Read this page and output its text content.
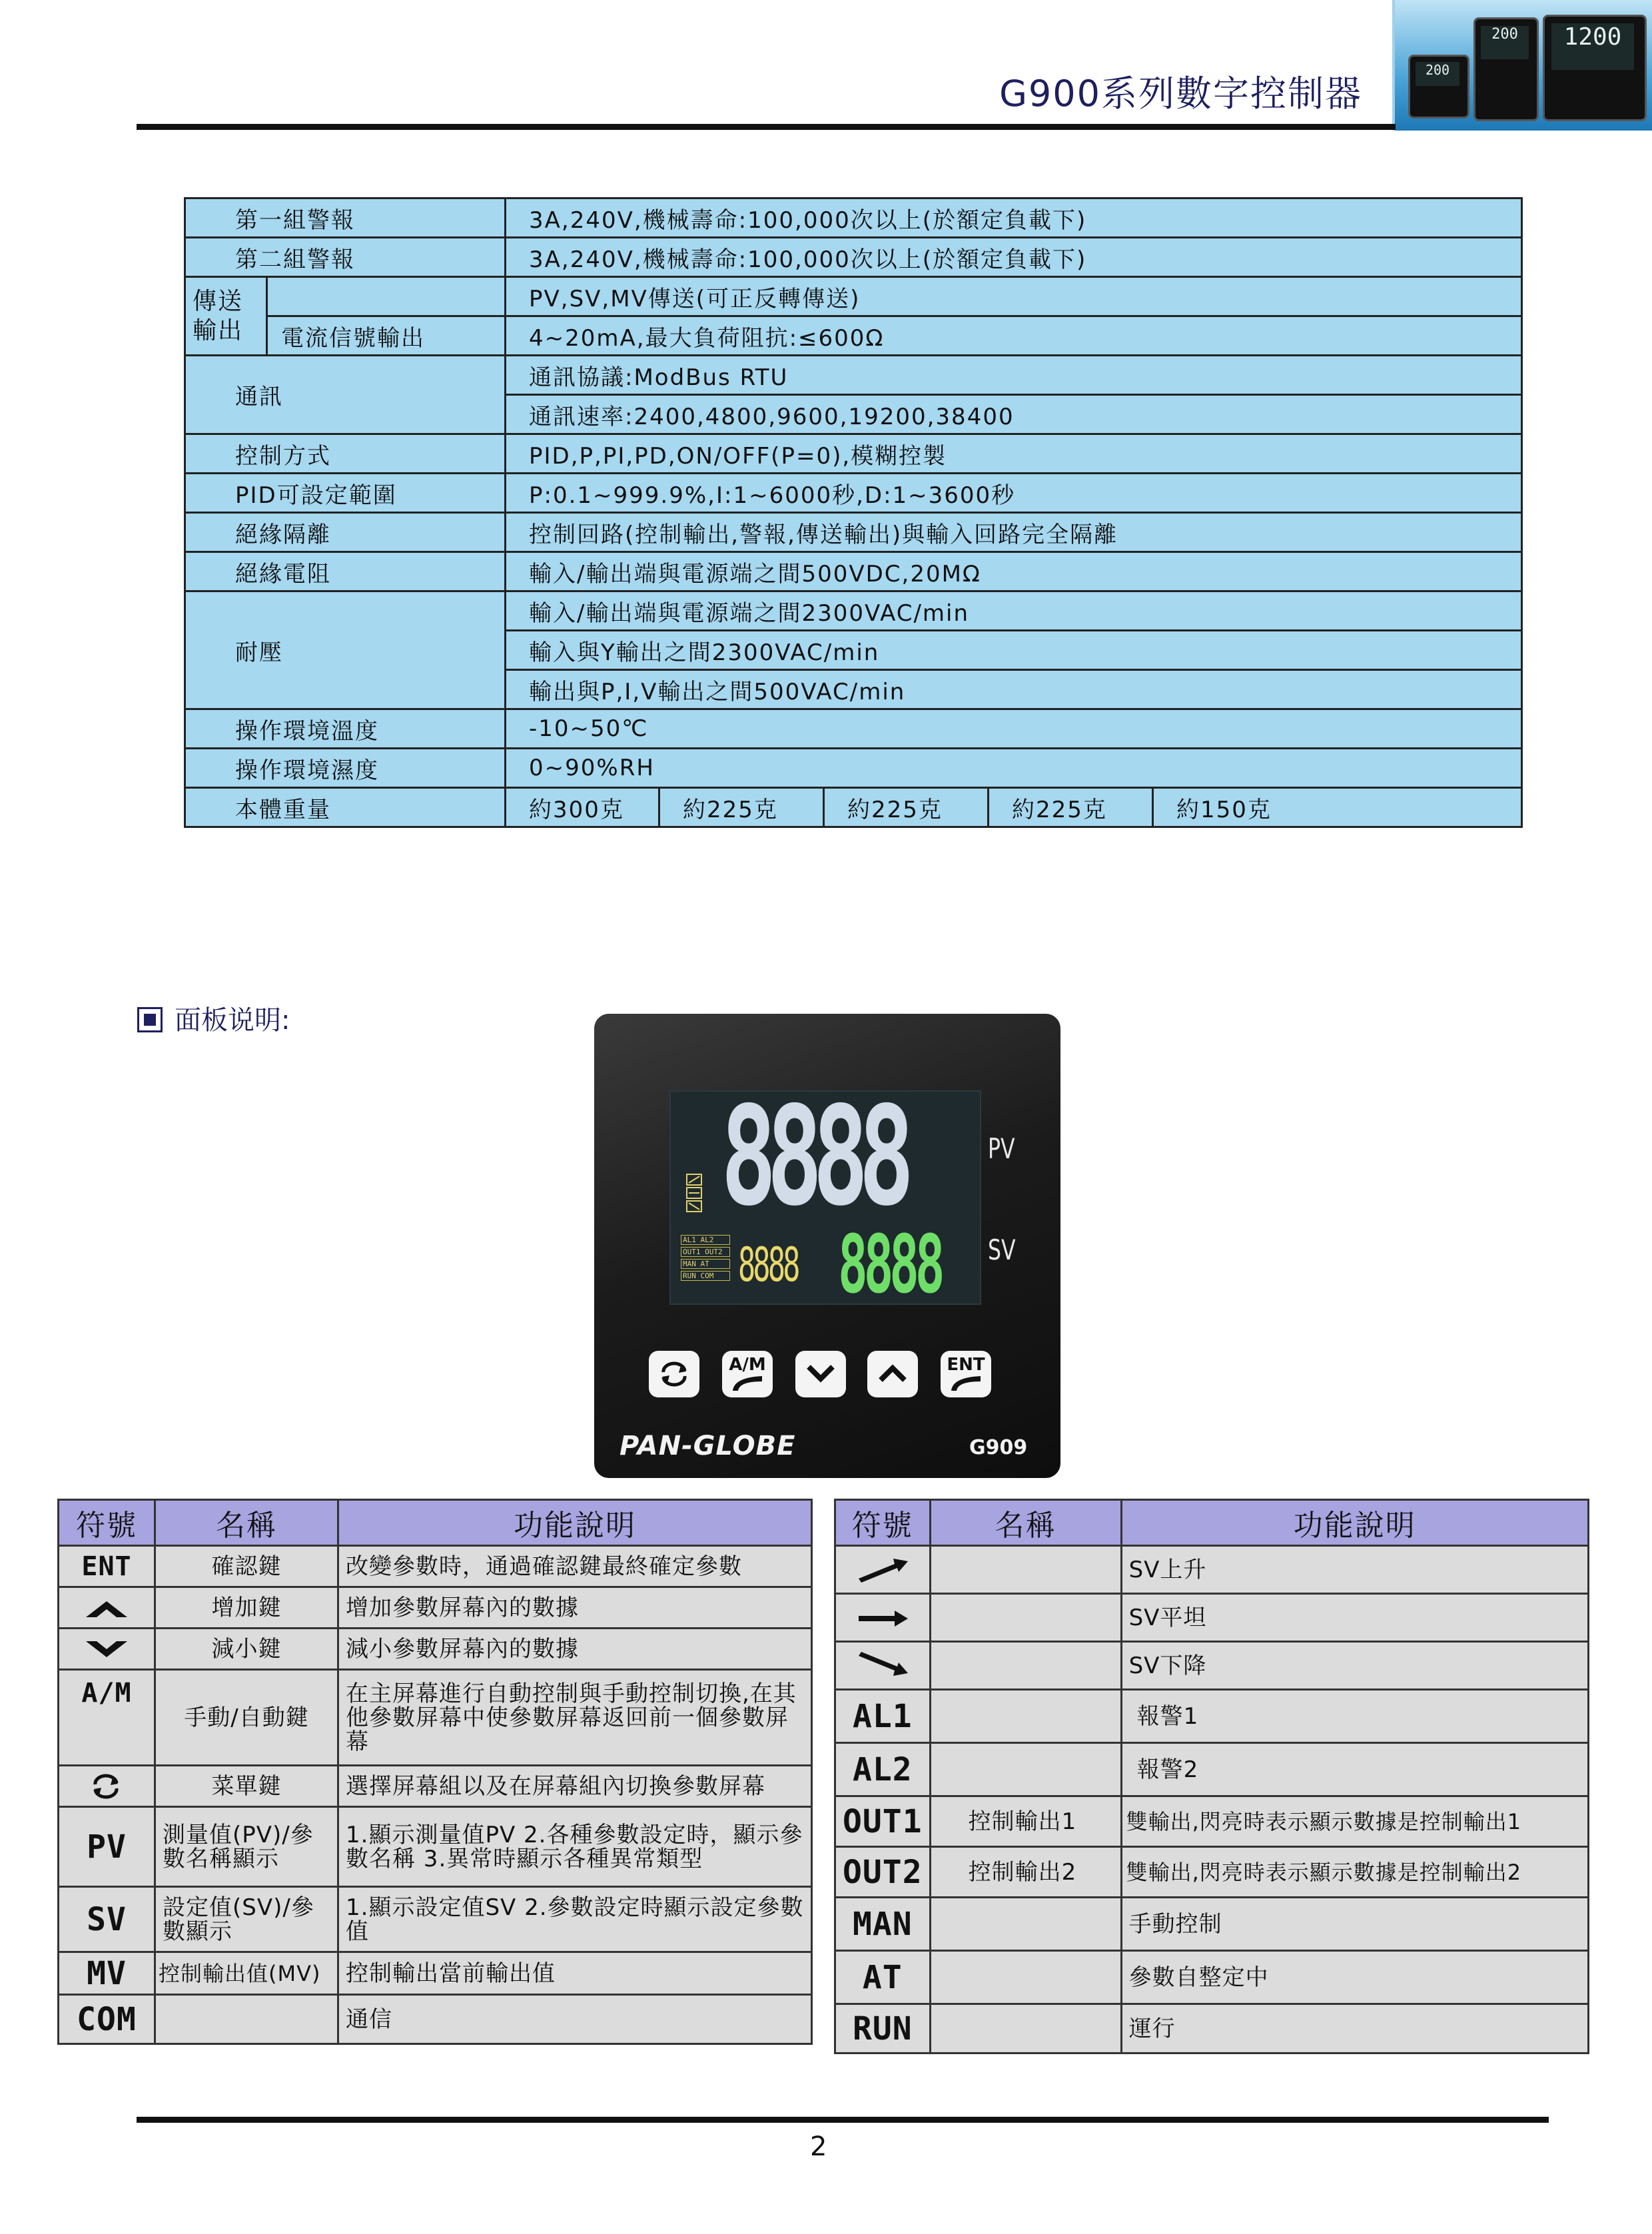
G900系列數字控制器
200
200	1200
第一組警報		3A,240V,機械壽命:100,000次以上(於額定負載下)				
第二組警報		3A,240V,機械壽命:100,000次以上(於額定負載下)				
傳送輸出		PV,SV,MV傳送(可正反轉傳送)				
	電流信號輸出	4~20mA,最大負荷阻抗:≤600Ω				
通訊		通訊協議:ModBus RTU				
		通訊速率:2400,4800,9600,19200,38400				
控制方式		PID,P,PI,PD,ON/OFF(P=0),模糊控製				
PID可設定範圍		P:0.1~999.9%,I:1~6000秒,D:1~3600秒				
絕緣隔離		控制回路(控制輸出,警報,傳送輸出)與輸入回路完全隔離				
絕緣電阻		輸入/輸出端與電源端之間500VDC,20MΩ				
耐壓		輸入/輸出端與電源端之間2300VAC/min				
		輸入與Y輸出之間2300VAC/min				
		輸出與P,I,V輸出之間500VAC/min				
操作環境溫度		-10~50℃				
操作環境濕度		0~90%RH				
本體重量		約300克	約225克	約225克	約225克	約150克
面板说明:
8888
AL1 AL2
OUT1 OUT2
MAN AT
RUN COM 8888 8888
PV
SV
A/M	ENT
PAN-GLOBE	G909
符號	名稱	功能說明
ENT	確認鍵	改變參數時，通過確認鍵最終確定參數
	增加鍵	增加參數屏幕內的數據
	減小鍵	減小參數屏幕內的數據
A/M	手動/自動鍵	在主屏幕進行自動控制與手動控制切換,在其他參數屏幕中使參數屏幕返回前一個參數屏幕
	菜單鍵	選擇屏幕組以及在屏幕組內切換參數屏幕
PV	測量值(PV)/參數名稱顯示	1.顯示測量值PV 2.各種參數設定時，顯示參數名稱 3.異常時顯示各種異常類型
SV	設定值(SV)/參數顯示	1.顯示設定值SV 2.參數設定時顯示設定參數值
MV	控制輸出值(MV)	控制輸出當前輸出值
COM		通信
符號	名稱	功能說明
		SV上升
		SV平坦
		SV下降
AL1		報警1
AL2		報警2
OUT1	控制輸出1	雙輸出,閃亮時表示顯示數據是控制輸出1
OUT2	控制輸出2	雙輸出,閃亮時表示顯示數據是控制輸出2
MAN		手動控制
AT		參數自整定中
RUN		運行
2
